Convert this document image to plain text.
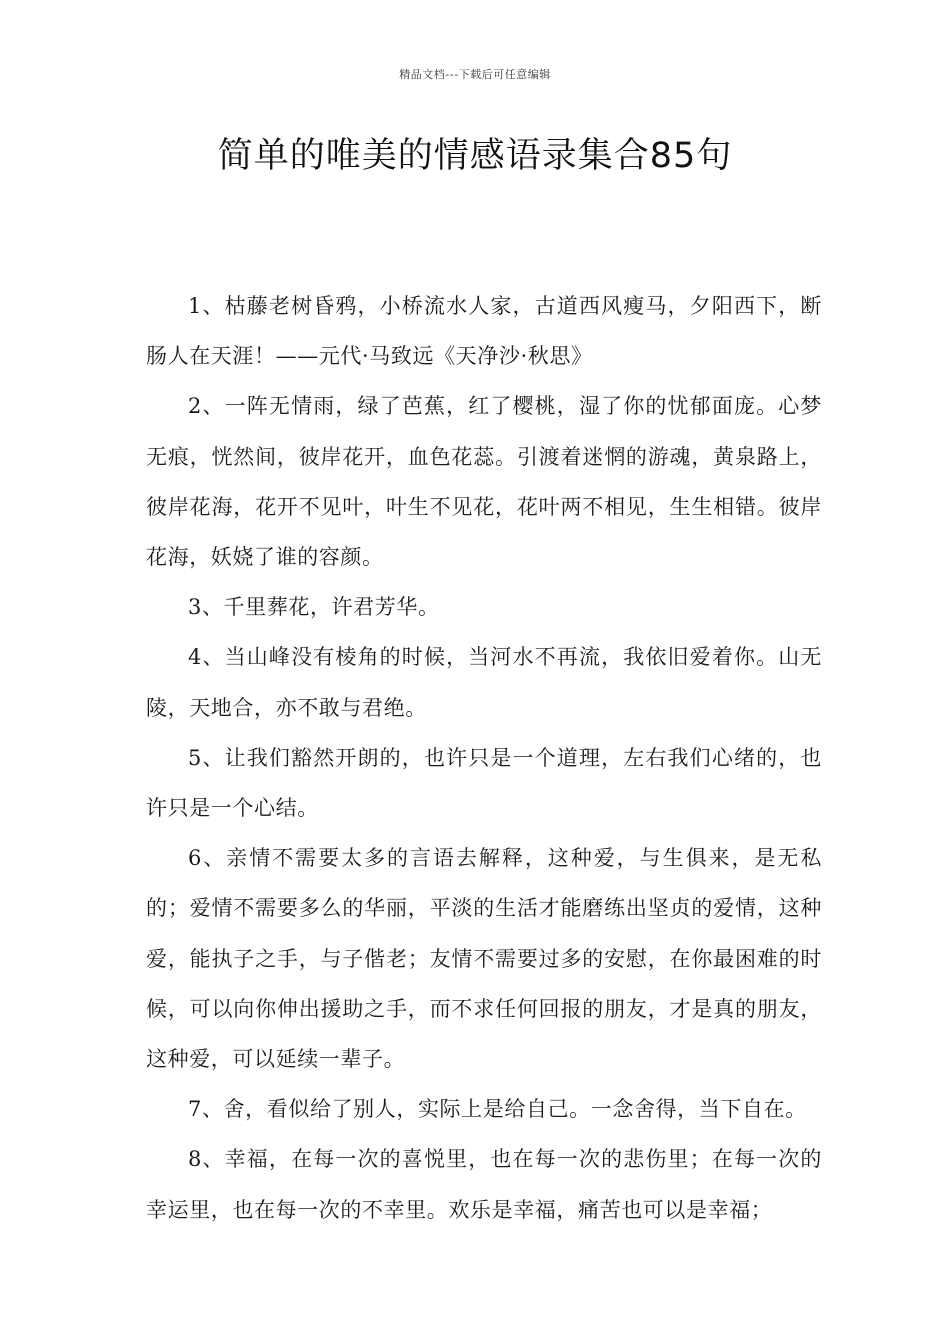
精品文档---下载后可任意编辑
简单的唯美的情感语录集合85句

1、枯藤老树昏鸦，小桥流水人家，古道西风瘦马，夕阳西下，断肠人在天涯！——元代·马致远《天净沙·秋思》

2、一阵无情雨，绿了芭蕉，红了樱桃，湿了你的忧郁面庞。心梦无痕，恍然间，彼岸花开，血色花蕊。引渡着迷惘的游魂，黄泉路上，彼岸花海，花开不见叶，叶生不见花，花叶两不相见，生生相错。彼岸花海，妖娆了谁的容颜。

3、千里葬花，许君芳华。

4、当山峰没有棱角的时候，当河水不再流，我依旧爱着你。山无陵，天地合，亦不敢与君绝。

5、让我们豁然开朗的，也许只是一个道理，左右我们心绪的，也许只是一个心结。

6、亲情不需要太多的言语去解释，这种爱，与生俱来，是无私的；爱情不需要多么的华丽，平淡的生活才能磨练出坚贞的爱情，这种爱，能执子之手，与子偕老；友情不需要过多的安慰，在你最困难的时候，可以向你伸出援助之手，而不求任何回报的朋友，才是真的朋友，这种爱，可以延续一辈子。

7、舍，看似给了别人，实际上是给自己。一念舍得，当下自在。

8、幸福，在每一次的喜悦里，也在每一次的悲伤里；在每一次的幸运里，也在每一次的不幸里。欢乐是幸福，痛苦也可以是幸福；
